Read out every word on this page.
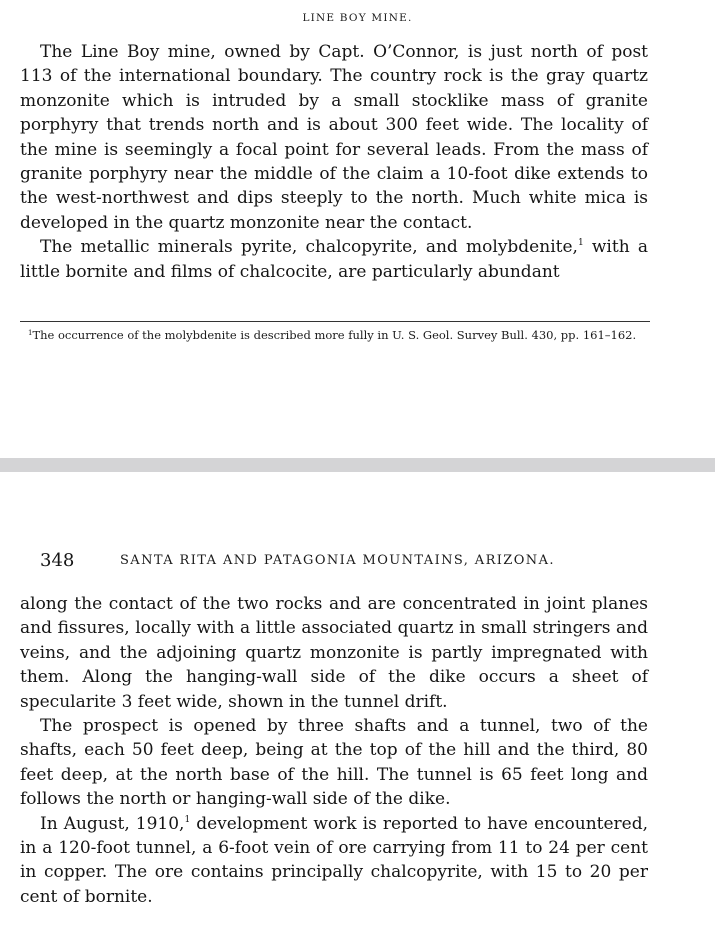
LINE BOY MINE.

The Line Boy mine, owned by Capt. O’Connor, is just north of post 113 of the international boundary. The country rock is the gray quartz monzonite which is intruded by a small stocklike mass of granite porphyry that trends north and is about 300 feet wide. The locality of the mine is seemingly a focal point for several leads. From the mass of granite porphyry near the middle of the claim a 10-foot dike extends to the west-northwest and dips steeply to the north. Much white mica is developed in the quartz monzonite near the contact.

The metallic minerals pyrite, chalcopyrite, and molybdenite,$^1$ with a little bornite and films of chalcocite, are particularly abundant

$^1$The occurrence of the molybdenite is described more fully in U. S. Geol. Survey Bull. 430, pp. 161–162.
348	SANTA RITA AND PATAGONIA MOUNTAINS, ARIZONA.

along the contact of the two rocks and are concentrated in joint planes and fissures, locally with a little associated quartz in small stringers and veins, and the adjoining quartz monzonite is partly impregnated with them. Along the hanging-wall side of the dike occurs a sheet of specularite 3 feet wide, shown in the tunnel drift.

The prospect is opened by three shafts and a tunnel, two of the shafts, each 50 feet deep, being at the top of the hill and the third, 80 feet deep, at the north base of the hill. The tunnel is 65 feet long and follows the north or hanging-wall side of the dike.

In August, 1910,$^1$ development work is reported to have encountered, in a 120-foot tunnel, a 6-foot vein of ore carrying from 11 to 24 per cent in copper. The ore contains principally chalcopyrite, with 15 to 20 per cent of bornite.
